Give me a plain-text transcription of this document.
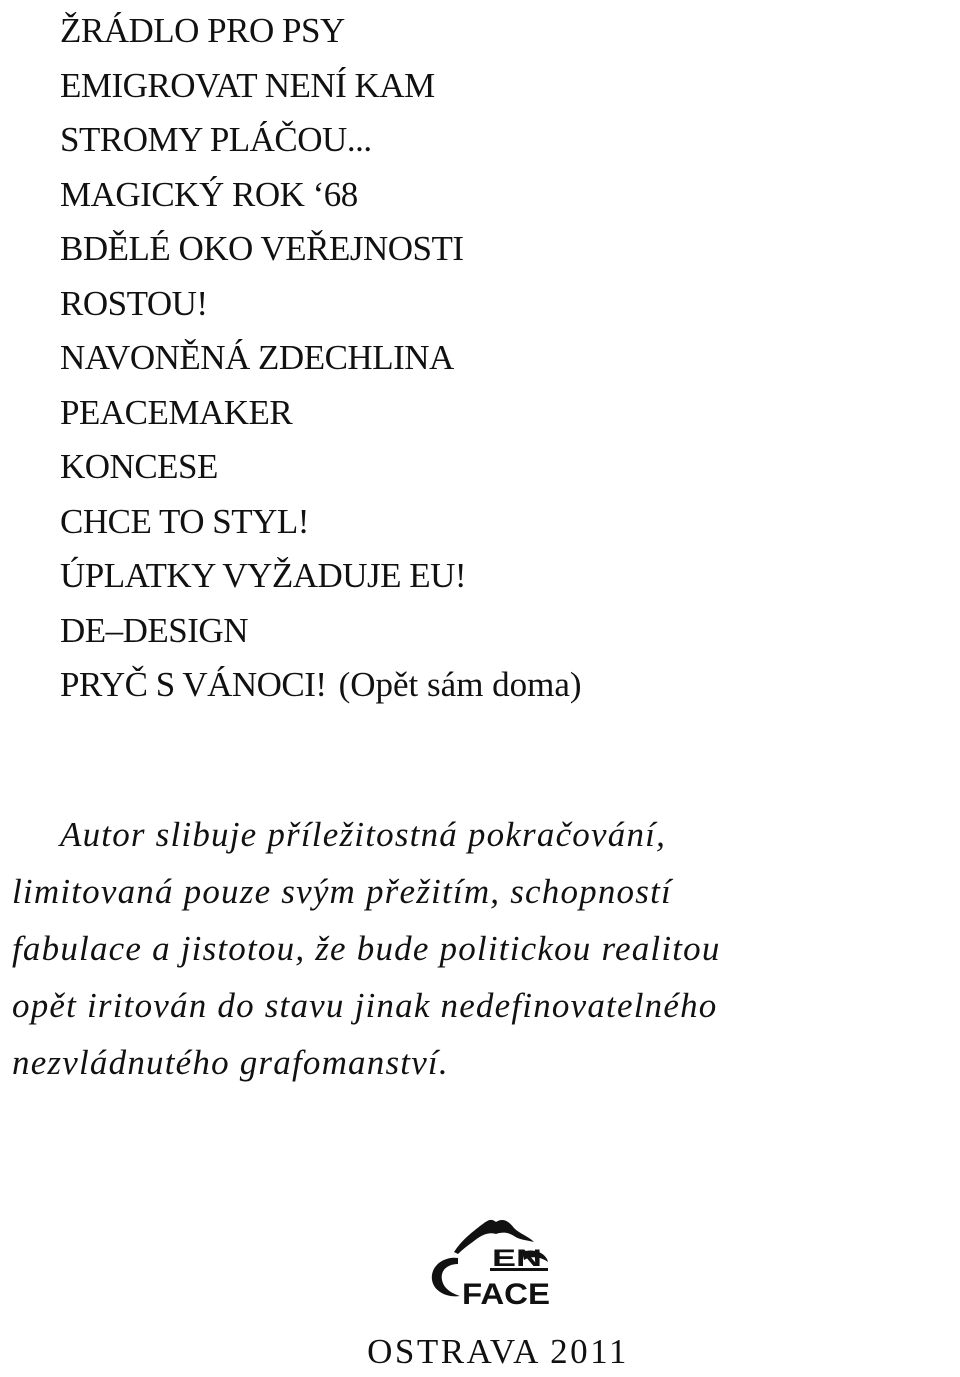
ŽRÁDLO PRO PSY
EMIGROVAT NENÍ KAM
STROMY PLÁČOU...
MAGICKÝ ROK ‘68
BDĚLÉ OKO VEŘEJNOSTI
ROSTOU!
NAVONĚNÁ ZDECHLINA
PEACEMAKER
KONCESE
CHCE TO STYL!
ÚPLATKY VYŽADUJE EU!
DE–DESIGN
PRYČ S VÁNOCI! (Opět sám doma)

Autor slibuje příležitostná pokračování,
limitovaná pouze svým přežitím, schopností
fabulace a jistotou, že bude politickou realitou
opět iritován do stavu jinak nedefinovatelného
nezvládnutého grafomanství.

EN
FACE
OSTRAVA 2011
